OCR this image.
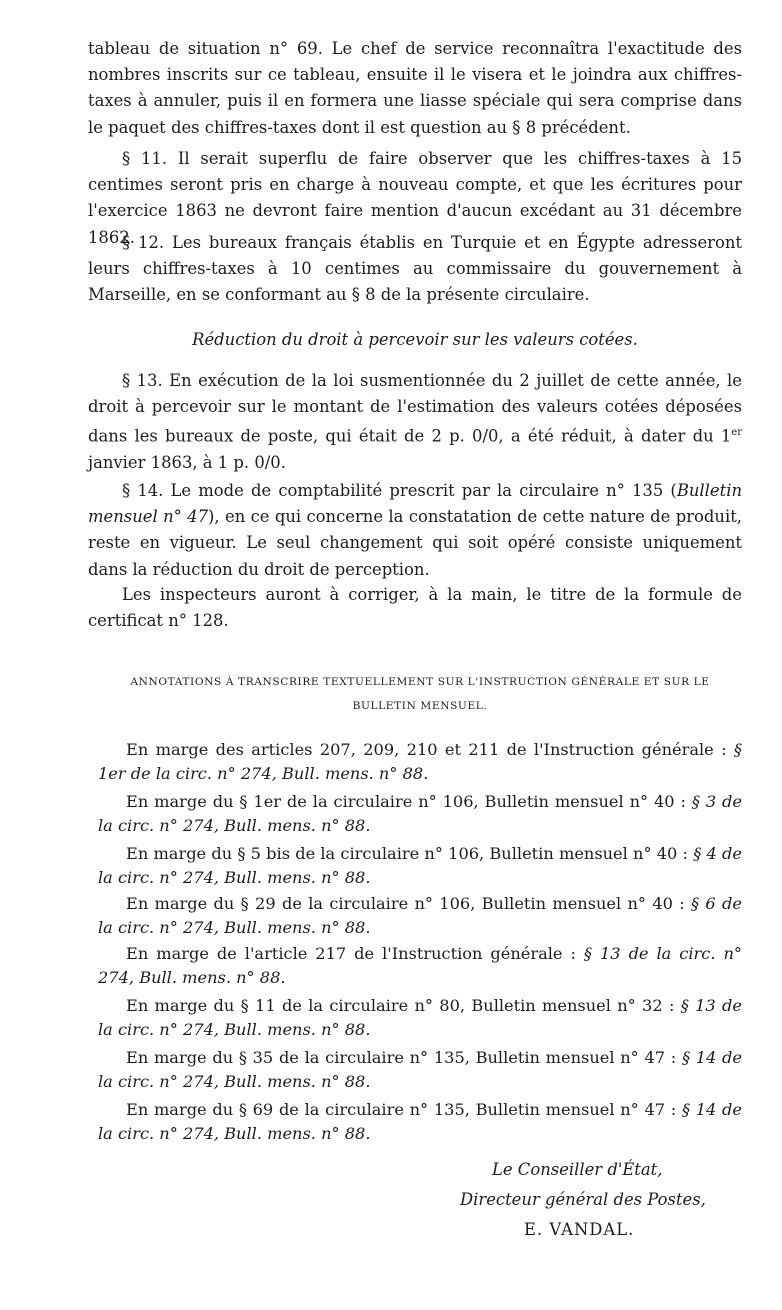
tableau de situation n° 69. Le chef de service reconnaîtra l'exactitude des nombres inscrits sur ce tableau, ensuite il le visera et le joindra aux chiffres-taxes à annuler, puis il en formera une liasse spéciale qui sera comprise dans le paquet des chiffres-taxes dont il est question au § 8 précédent.

§ 11. Il serait superflu de faire observer que les chiffres-taxes à 15 centimes seront pris en charge à nouveau compte, et que les écritures pour l'exercice 1863 ne devront faire mention d'aucun excédant au 31 décembre 1862.

§ 12. Les bureaux français établis en Turquie et en Égypte adresseront leurs chiffres-taxes à 10 centimes au commissaire du gouvernement à Marseille, en se conformant au § 8 de la présente circulaire.

Réduction du droit à percevoir sur les valeurs cotées.

§ 13. En exécution de la loi susmentionnée du 2 juillet de cette année, le droit à percevoir sur le montant de l'estimation des valeurs cotées déposées dans les bureaux de poste, qui était de 2 p. 0/0, a été réduit, à dater du 1er janvier 1863, à 1 p. 0/0.

§ 14. Le mode de comptabilité prescrit par la circulaire n° 135 (Bulletin mensuel n° 47), en ce qui concerne la constatation de cette nature de produit, reste en vigueur. Le seul changement qui soit opéré consiste uniquement dans la réduction du droit de perception.

Les inspecteurs auront à corriger, à la main, le titre de la formule de certificat n° 128.

ANNOTATIONS À TRANSCRIRE TEXTUELLEMENT SUR L'INSTRUCTION GÉNÉRALE ET SUR LE BULLETIN MENSUEL.

En marge des articles 207, 209, 210 et 211 de l'Instruction générale : § 1er de la circ. n° 274, Bull. mens. n° 88.

En marge du § 1er de la circulaire n° 106, Bulletin mensuel n° 40 : § 3 de la circ. n° 274, Bull. mens. n° 88.

En marge du § 5 bis de la circulaire n° 106, Bulletin mensuel n° 40 : § 4 de la circ. n° 274, Bull. mens. n° 88.

En marge du § 29 de la circulaire n° 106, Bulletin mensuel n° 40 : § 6 de la circ. n° 274, Bull. mens. n° 88.

En marge de l'article 217 de l'Instruction générale : § 13 de la circ. n° 274, Bull. mens. n° 88.

En marge du § 11 de la circulaire n° 80, Bulletin mensuel n° 32 : § 13 de la circ. n° 274, Bull. mens. n° 88.

En marge du § 35 de la circulaire n° 135, Bulletin mensuel n° 47 : § 14 de la circ. n° 274, Bull. mens. n° 88.

En marge du § 69 de la circulaire n° 135, Bulletin mensuel n° 47 : § 14 de la circ. n° 274, Bull. mens. n° 88.

Le Conseiller d'État,

Directeur général des Postes,

E. VANDAL.
